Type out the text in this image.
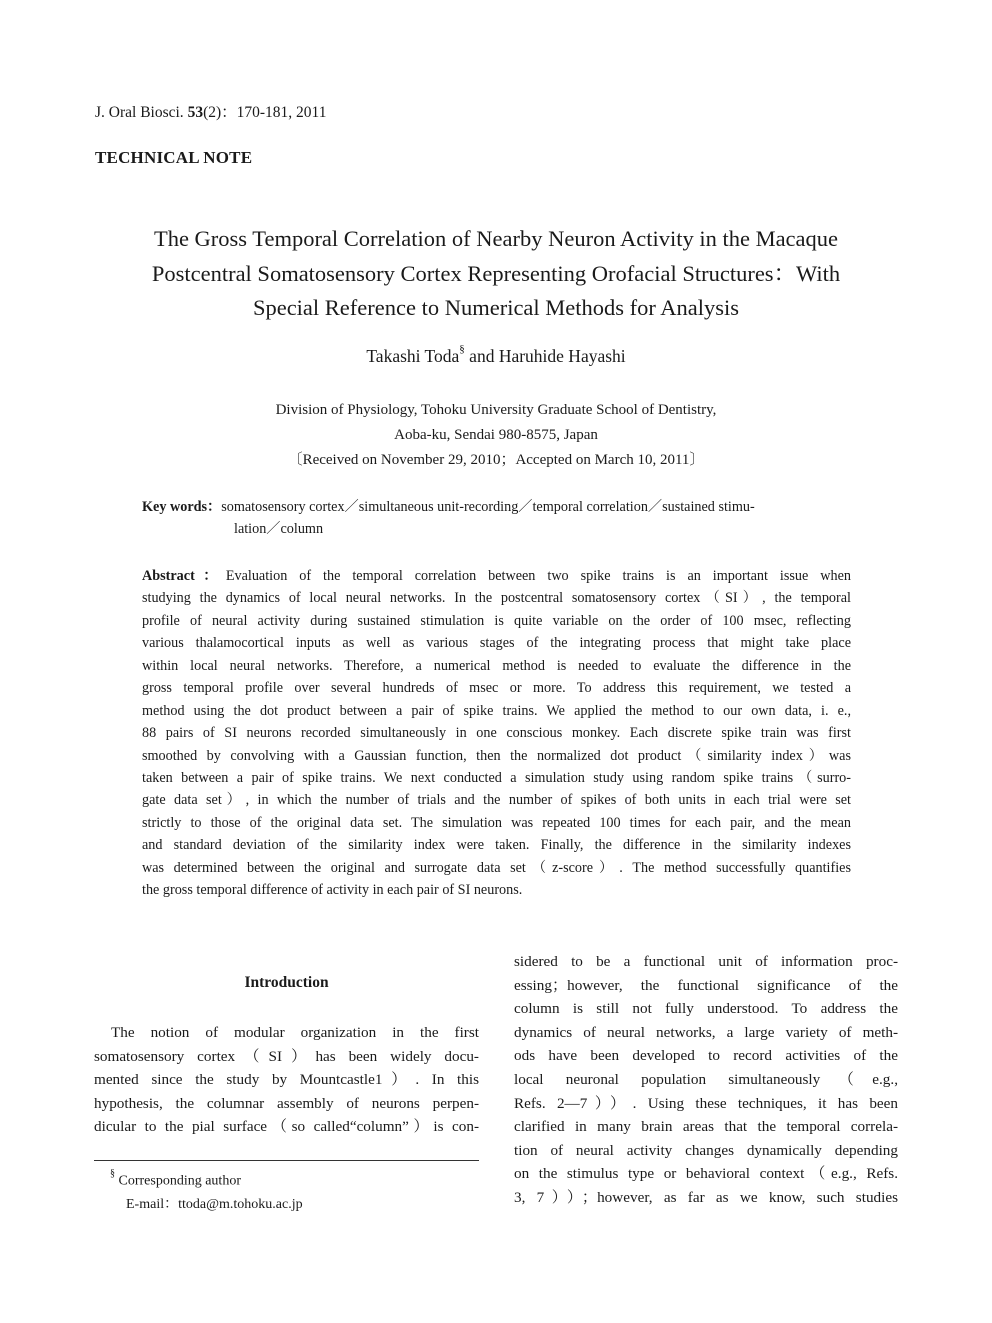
J. Oral Biosci. 53(2)：170‑181, 2011
TECHNICAL NOTE
The Gross Temporal Correlation of Nearby Neuron Activity in the Macaque
Postcentral Somatosensory Cortex Representing Orofacial Structures：With
Special Reference to Numerical Methods for Analysis
Takashi Toda§ and Haruhide Hayashi
Division of Physiology, Tohoku University Graduate School of Dentistry,
Aoba‑ku, Sendai 980‑8575, Japan
〔Received on November 29, 2010；Accepted on March 10, 2011〕
Key words：somatosensory cortex／simultaneous unit‑recording／temporal correlation／sustained stimu‑
lation／column
Abstract：Evaluation of the temporal correlation between two spike trains is an important issue when
studying the dynamics of local neural networks. In the postcentral somatosensory cortex（SI）, the temporal
profile of neural activity during sustained stimulation is quite variable on the order of 100 msec, reflecting
various thalamocortical inputs as well as various stages of the integrating process that might take place
within local neural networks. Therefore, a numerical method is needed to evaluate the difference in the
gross temporal profile over several hundreds of msec or more. To address this requirement, we tested a
method using the dot product between a pair of spike trains. We applied the method to our own data, i. e.,
88 pairs of SI neurons recorded simultaneously in one conscious monkey. Each discrete spike train was first
smoothed by convolving with a Gaussian function, then the normalized dot product（similarity index）was
taken between a pair of spike trains. We next conducted a simulation study using random spike trains（surro‑
gate data set）, in which the number of trials and the number of spikes of both units in each trial were set
strictly to those of the original data set. The simulation was repeated 100 times for each pair, and the mean
and standard deviation of the similarity index were taken. Finally, the difference in the similarity indexes
was determined between the original and surrogate data set（z‑score）. The method successfully quantifies
the gross temporal difference of activity in each pair of SI neurons.
Introduction
The notion of modular organization in the first
somatosensory cortex（SI）has been widely docu‑
mented since the study by Mountcastle1）. In this
hypothesis, the columnar assembly of neurons perpen‑
dicular to the pial surface（so called“column”）is con‑
sidered to be a functional unit of information proc‑
essing；however, the functional significance of the
column is still not fully understood. To address the
dynamics of neural networks, a large variety of meth‑
ods have been developed to record activities of the
local neuronal population simultaneously（e.g.,
Refs. 2―7））. Using these techniques, it has been
clarified in many brain areas that the temporal correla‑
tion of neural activity changes dynamically depending
on the stimulus type or behavioral context（e.g., Refs.
3, 7））；however, as far as we know, such studies
§ Corresponding author
E‑mail：ttoda@m.tohoku.ac.jp
